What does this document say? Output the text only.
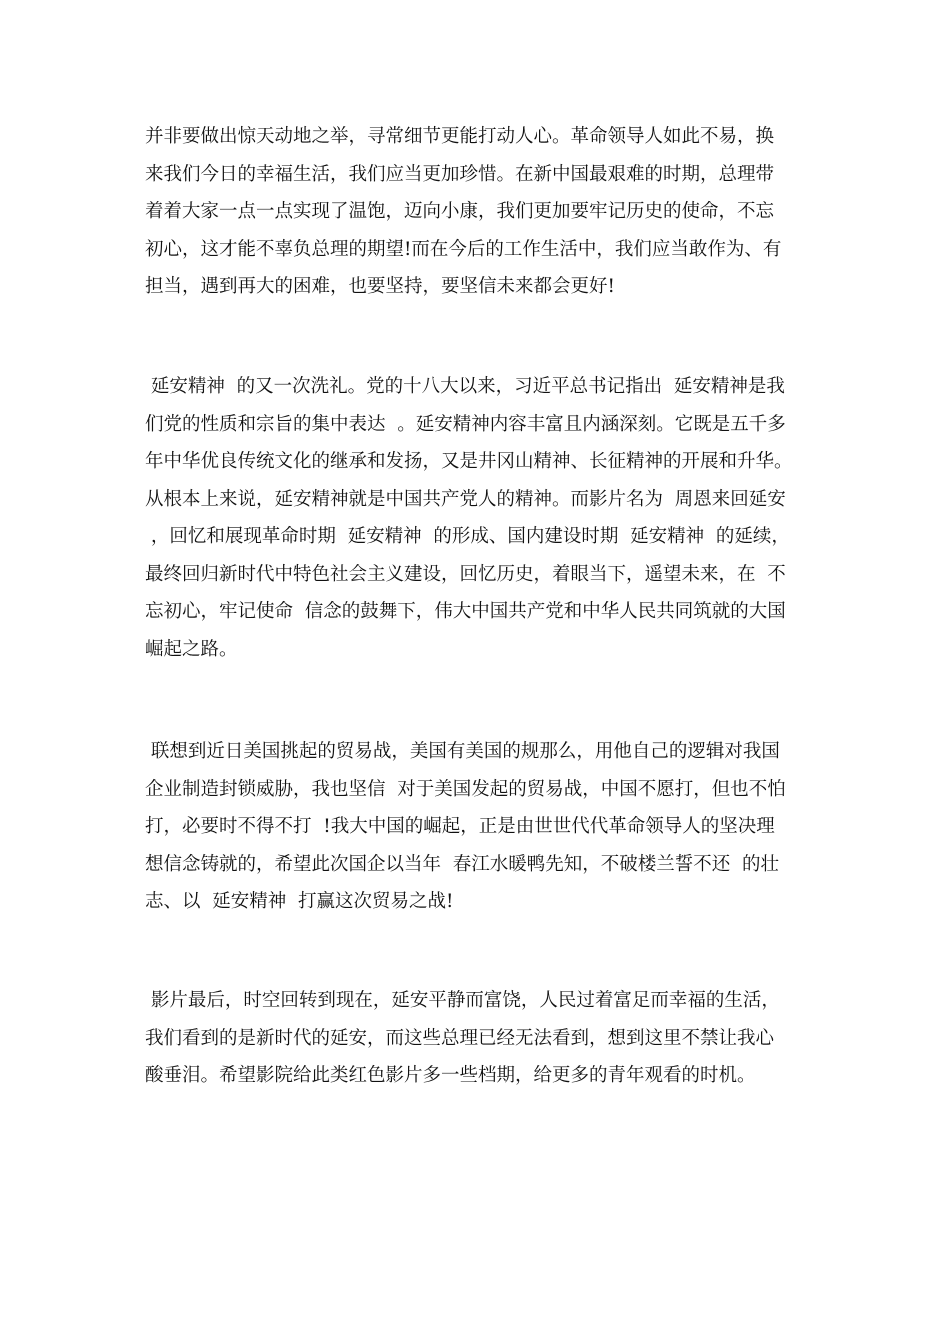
并非要做出惊天动地之举，寻常细节更能打动人心。革命领导人如此不易，换
来我们今日的幸福生活，我们应当更加珍惜。在新中国最艰难的时期，总理带
着着大家一点一点实现了温饱，迈向小康，我们更加要牢记历史的使命，不忘
初心，这才能不辜负总理的期望!而在今后的工作生活中，我们应当敢作为、有
担当，遇到再大的困难，也要坚持，要坚信未来都会更好!
延安精神  的又一次洗礼。党的十八大以来，习近平总书记指出  延安精神是我
们党的性质和宗旨的集中表达  。延安精神内容丰富且内涵深刻。它既是五千多
年中华优良传统文化的继承和发扬，又是井冈山精神、长征精神的开展和升华。
从根本上来说，延安精神就是中国共产党人的精神。而影片名为  周恩来回延安
，回忆和展现革命时期  延安精神  的形成、国内建设时期  延安精神  的延续，
最终回归新时代中特色社会主义建设，回忆历史，着眼当下，遥望未来，在  不
忘初心，牢记使命  信念的鼓舞下，伟大中国共产党和中华人民共同筑就的大国
崛起之路。
联想到近日美国挑起的贸易战，美国有美国的规那么，用他自己的逻辑对我国
企业制造封锁威胁，我也坚信  对于美国发起的贸易战，中国不愿打，但也不怕
打，必要时不得不打  !我大中国的崛起，正是由世世代代革命领导人的坚决理
想信念铸就的，希望此次国企以当年  春江水暖鸭先知，不破楼兰誓不还  的壮
志、以  延安精神  打赢这次贸易之战!
影片最后，时空回转到现在，延安平静而富饶，人民过着富足而幸福的生活，
我们看到的是新时代的延安，而这些总理已经无法看到，想到这里不禁让我心
酸垂泪。希望影院给此类红色影片多一些档期，给更多的青年观看的时机。
